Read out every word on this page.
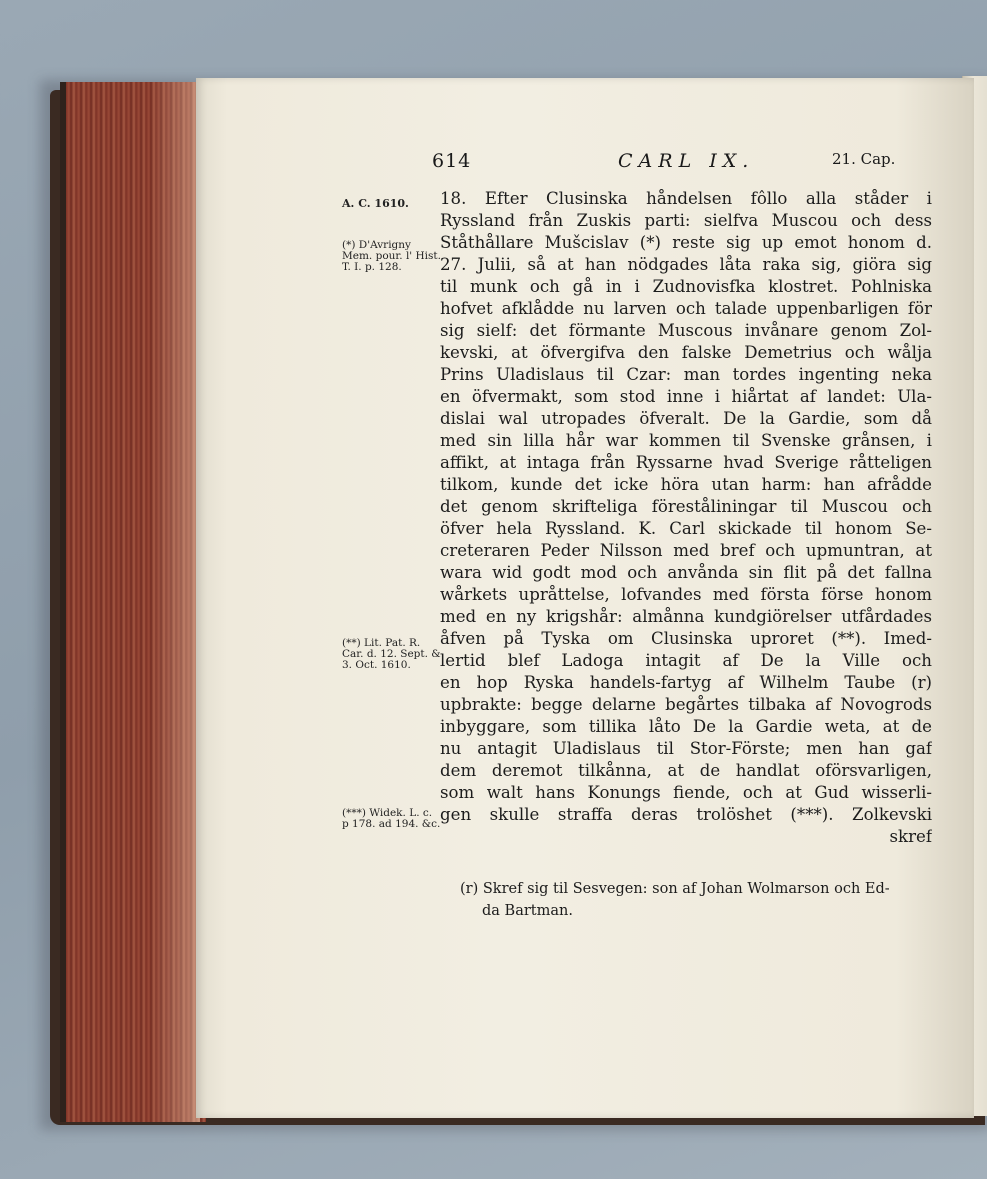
614	CARL IX.	21. Cap.
A. C. 1610.
(*) D'Avrigny Mem. pour. l' Hist. T. I. p. 128.
(**) Lit. Pat. R. Car. d. 12. Sept. & 3. Oct. 1610.
(***) Widek. L. c. p 178. ad 194. &c.
18. Efter Clusinska håndelsen fôllo alla ståder i
Ryssland från Zuskis parti: sielfva Muscou och dess
Ståthållare Mušcislav (*) reste sig up emot honom d.
27. Julii, så at han nödgades låta raka sig, giöra sig
til munk och gå in i Zudnovisfka klostret. Pohlniska
hofvet afklådde nu larven och talade uppenbarligen för
sig sielf: det förmante Muscous invånare genom Zol-
kevski, at öfvergifva den falske Demetrius och wålja
Prins Uladislaus til Czar: man tordes ingenting neka
en öfvermakt, som stod inne i hiårtat af landet: Ula-
dislai wal utropades öfveralt. De la Gardie, som då
med sin lilla hår war kommen til Svenske grånsen, i
affikt, at intaga från Ryssarne hvad Sverige råtteligen
tilkom, kunde det icke höra utan harm: han afrådde
det genom skrifteliga föreståliningar til Muscou och
öfver hela Ryssland. K. Carl skickade til honom Se-
creteraren Peder Nilsson med bref och upmuntran, at
wara wid godt mod och anvånda sin flit på det fallna
wårkets upråttelse, lofvandes med första förse honom
med en ny krigshår: almånna kundgiörelser utfårdades
åfven på Tyska om Clusinska uproret (**). Imed-
lertid blef Ladoga intagit af De la Ville och
en hop Ryska handels-fartyg af Wilhelm Taube (r)
upbrakte: begge delarne begårtes tilbaka af Novogrods
inbyggare, som tillika låto De la Gardie weta, at de
nu antagit Uladislaus til Stor-Förste; men han gaf
dem deremot tilkånna, at de handlat oförsvarligen,
som walt hans Konungs fiende, och at Gud wisserli-
gen skulle straffa deras trolöshet (***). Zolkevski
skref
(r) Skref sig til Sesvegen: son af Johan Wolmarson och Ed-
da Bartman.
